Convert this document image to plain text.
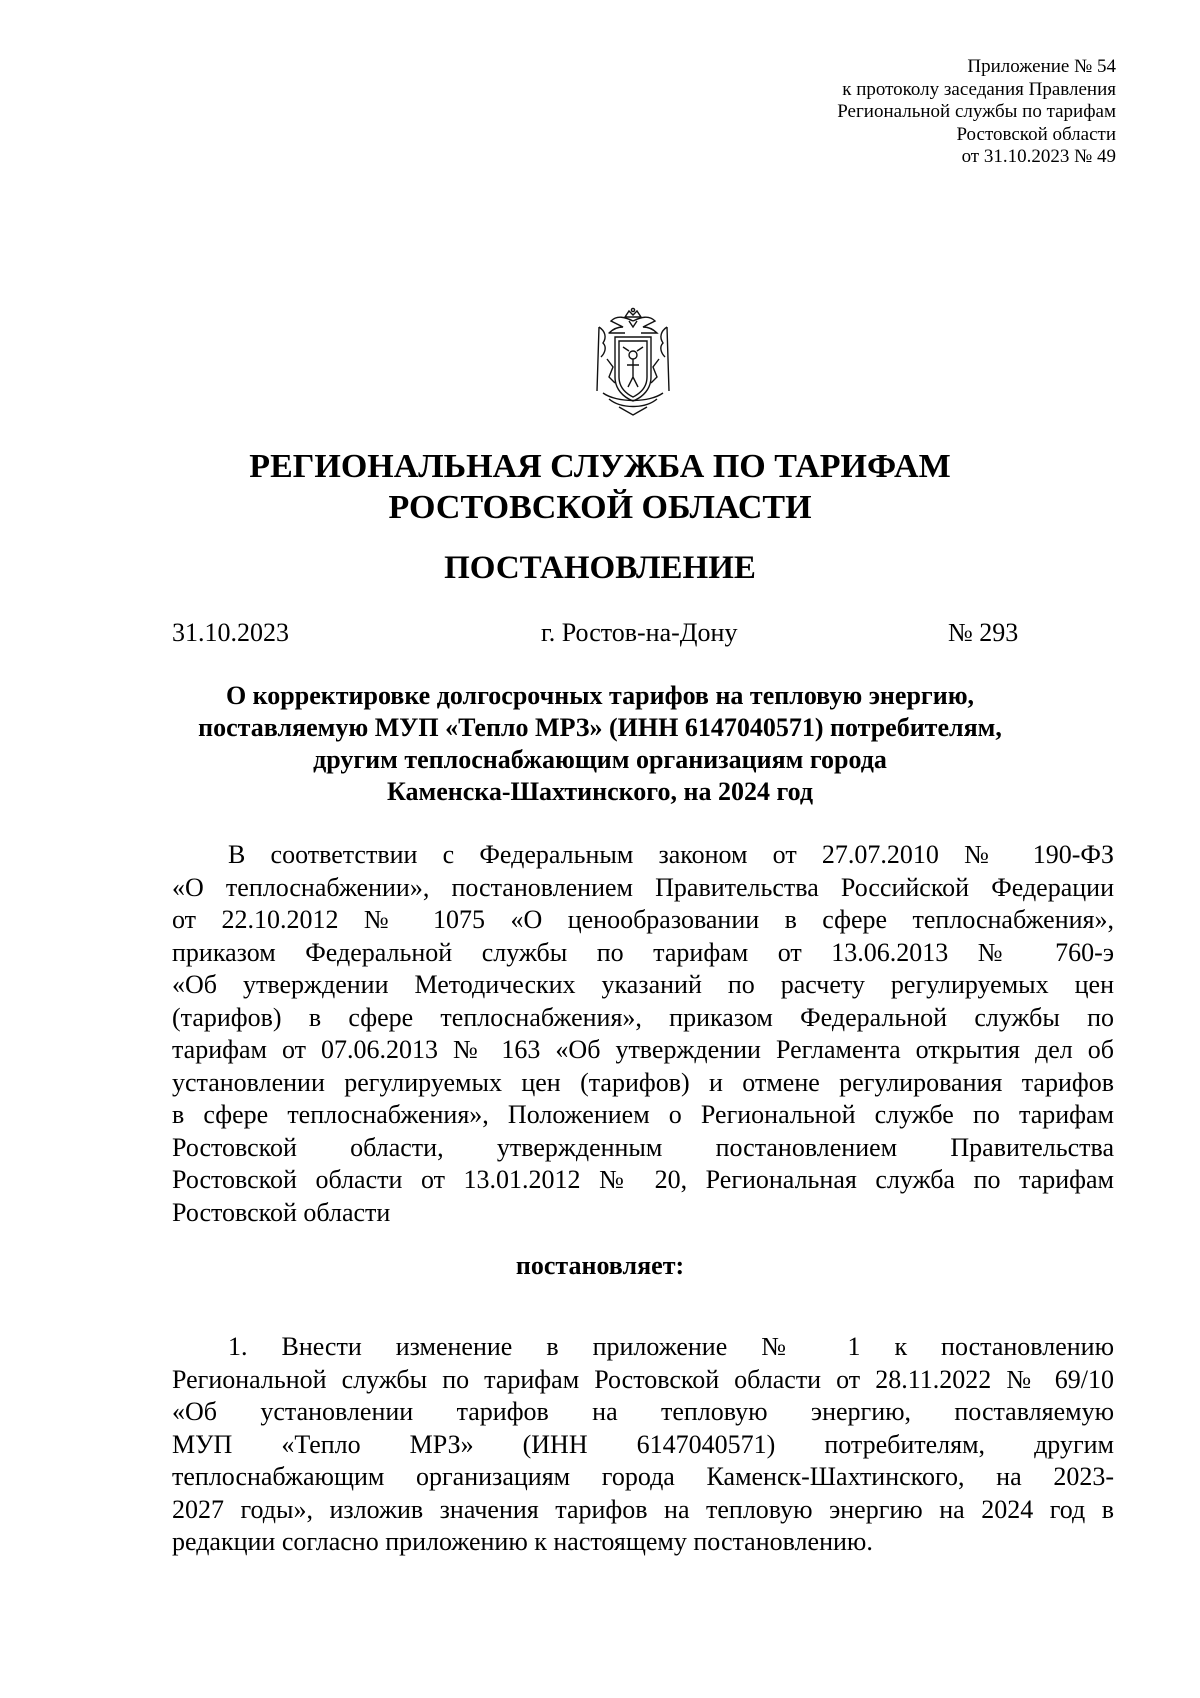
Приложение № 54
к протоколу заседания Правления
Региональной службы по тарифам
Ростовской области
от 31.10.2023 № 49
РЕГИОНАЛЬНАЯ СЛУЖБА ПО ТАРИФАМ
РОСТОВСКОЙ ОБЛАСТИ
ПОСТАНОВЛЕНИЕ
31.10.2023	г. Ростов-на-Дону	№ 293
О корректировке долгосрочных тарифов на тепловую энергию,
поставляемую МУП «Тепло МРЗ» (ИНН 6147040571) потребителям,
другим теплоснабжающим организациям города
Каменска-Шахтинского, на 2024 год
В соответствии с Федеральным законом от 27.07.2010 № 190-ФЗ
«О теплоснабжении», постановлением Правительства Российской Федерации
от 22.10.2012 № 1075 «О ценообразовании в сфере теплоснабжения»,
приказом Федеральной службы по тарифам от 13.06.2013 № 760-э
«Об утверждении Методических указаний по расчету регулируемых цен
(тарифов) в сфере теплоснабжения», приказом Федеральной службы по
тарифам от 07.06.2013 № 163 «Об утверждении Регламента открытия дел об
установлении регулируемых цен (тарифов) и отмене регулирования тарифов
в сфере теплоснабжения», Положением о Региональной службе по тарифам
Ростовской области, утвержденным постановлением Правительства
Ростовской области от 13.01.2012 № 20, Региональная служба по тарифам
Ростовской области
постановляет:
1. Внести изменение в приложение № 1 к постановлению
Региональной службы по тарифам Ростовской области от 28.11.2022 № 69/10
«Об установлении тарифов на тепловую энергию, поставляемую
МУП «Тепло МРЗ» (ИНН 6147040571) потребителям, другим
теплоснабжающим организациям города Каменск-Шахтинского, на 2023-
2027 годы», изложив значения тарифов на тепловую энергию на 2024 год в
редакции согласно приложению к настоящему постановлению.
